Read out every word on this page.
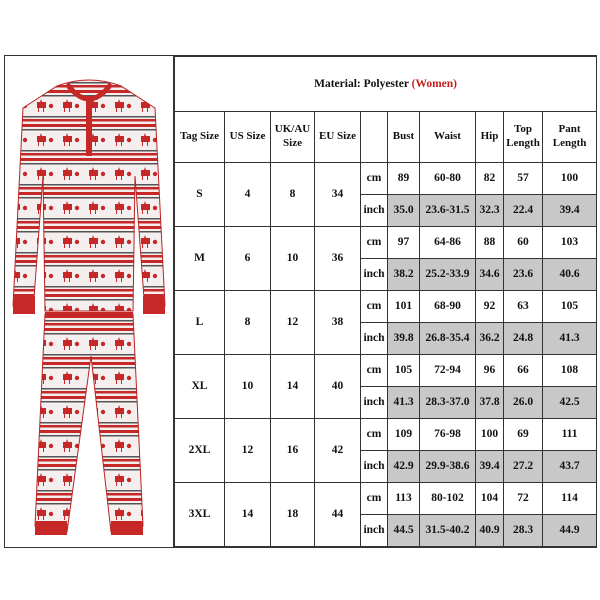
Material: Polyester (Women)									
Tag Size	US Size	UK/AU Size	EU Size		Bust	Waist	Hip	Top Length	Pant Length
S	4	8	34	cm	89	60-80	82	57	100
				inch	35.0	23.6-31.5	32.3	22.4	39.4
M	6	10	36	cm	97	64-86	88	60	103
				inch	38.2	25.2-33.9	34.6	23.6	40.6
L	8	12	38	cm	101	68-90	92	63	105
				inch	39.8	26.8-35.4	36.2	24.8	41.3
XL	10	14	40	cm	105	72-94	96	66	108
				inch	41.3	28.3-37.0	37.8	26.0	42.5
2XL	12	16	42	cm	109	76-98	100	69	111
				inch	42.9	29.9-38.6	39.4	27.2	43.7
3XL	14	18	44	cm	113	80-102	104	72	114
				inch	44.5	31.5-40.2	40.9	28.3	44.9
